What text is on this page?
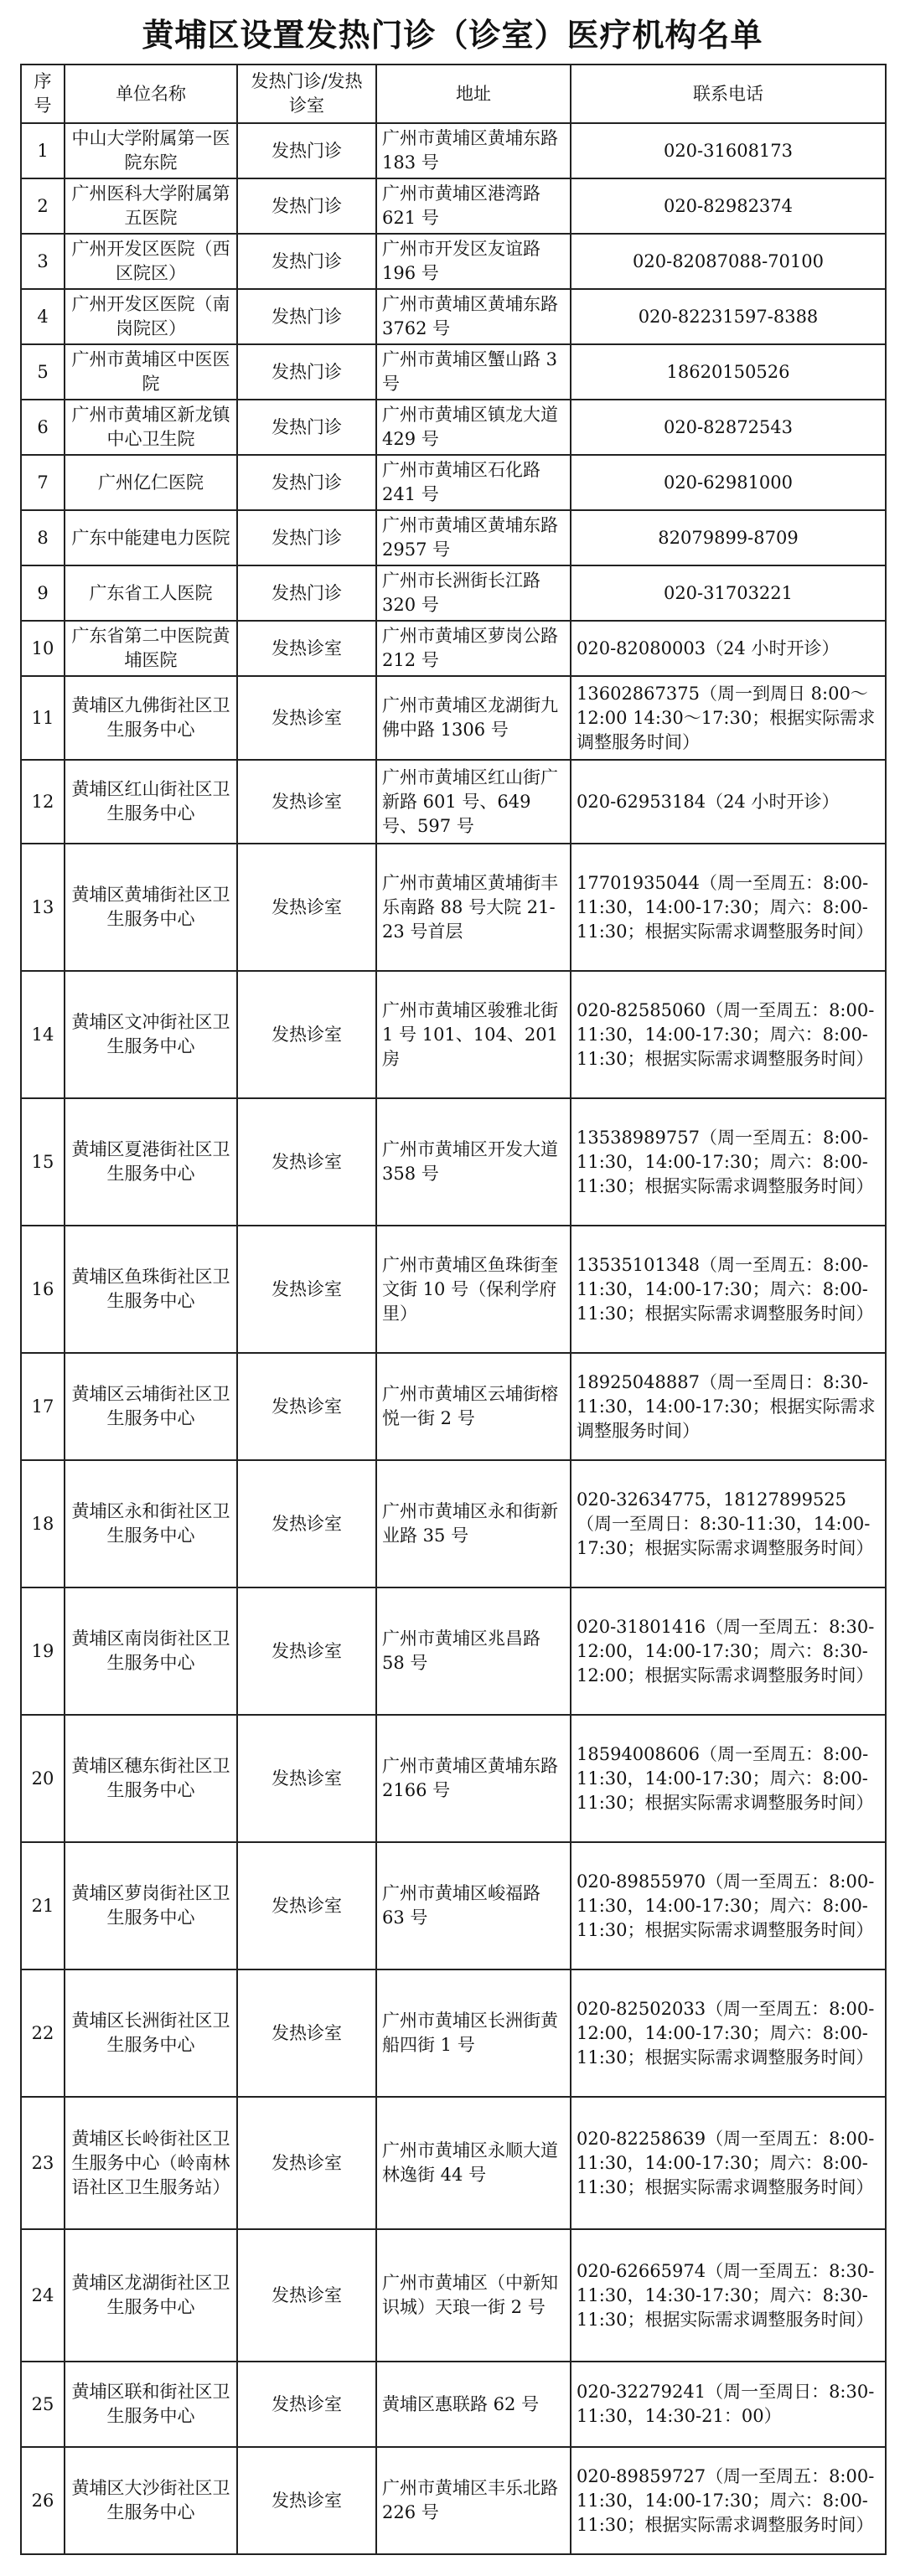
黄埔区设置发热门诊（诊室）医疗机构名单
序号	单位名称	发热门诊/发热诊室	地址	联系电话
1	中山大学附属第一医院东院	发热门诊	广州市黄埔区黄埔东路 183 号	020-31608173
2	广州医科大学附属第五医院	发热门诊	广州市黄埔区港湾路 621 号	020-82982374
3	广州开发区医院（西区院区）	发热门诊	广州市开发区友谊路 196 号	020-82087088-70100
4	广州开发区医院（南岗院区）	发热门诊	广州市黄埔区黄埔东路 3762 号	020-82231597-8388
5	广州市黄埔区中医医院	发热门诊	广州市黄埔区蟹山路 3 号	18620150526
6	广州市黄埔区新龙镇中心卫生院	发热门诊	广州市黄埔区镇龙大道 429 号	020-82872543
7	广州亿仁医院	发热门诊	广州市黄埔区石化路 241 号	020-62981000
8	广东中能建电力医院	发热门诊	广州市黄埔区黄埔东路 2957 号	82079899-8709
9	广东省工人医院	发热门诊	广州市长洲街长江路 320 号	020-31703221
10	广东省第二中医院黄埔医院	发热诊室	广州市黄埔区萝岗公路 212 号	020-82080003（24 小时开诊）
11	黄埔区九佛街社区卫生服务中心	发热诊室	广州市黄埔区龙湖街九佛中路 1306 号	13602867375（周一到周日 8:00～12:00 14:30～17:30；根据实际需求调整服务时间）
12	黄埔区红山街社区卫生服务中心	发热诊室	广州市黄埔区红山街广新路 601 号、649 号、597 号	020-62953184（24 小时开诊）
13	黄埔区黄埔街社区卫生服务中心	发热诊室	广州市黄埔区黄埔街丰乐南路 88 号大院 21-23 号首层	17701935044（周一至周五：8:00-11:30，14:00-17:30；周六：8:00-11:30；根据实际需求调整服务时间）
14	黄埔区文冲街社区卫生服务中心	发热诊室	广州市黄埔区骏雅北街 1 号 101、104、201 房	020-82585060（周一至周五：8:00-11:30，14:00-17:30；周六：8:00-11:30；根据实际需求调整服务时间）
15	黄埔区夏港街社区卫生服务中心	发热诊室	广州市黄埔区开发大道 358 号	13538989757（周一至周五：8:00-11:30，14:00-17:30；周六：8:00-11:30；根据实际需求调整服务时间）
16	黄埔区鱼珠街社区卫生服务中心	发热诊室	广州市黄埔区鱼珠街奎文街 10 号（保利学府里）	13535101348（周一至周五：8:00-11:30，14:00-17:30；周六：8:00-11:30；根据实际需求调整服务时间）
17	黄埔区云埔街社区卫生服务中心	发热诊室	广州市黄埔区云埔街榕悦一街 2 号	18925048887（周一至周日：8:30-11:30，14:00-17:30；根据实际需求调整服务时间）
18	黄埔区永和街社区卫生服务中心	发热诊室	广州市黄埔区永和街新业路 35 号	020-32634775，18127899525（周一至周日：8:30-11:30，14:00-17:30；根据实际需求调整服务时间）
19	黄埔区南岗街社区卫生服务中心	发热诊室	广州市黄埔区兆昌路 58 号	020-31801416（周一至周五：8:30-12:00，14:00-17:30；周六：8:30-12:00；根据实际需求调整服务时间）
20	黄埔区穗东街社区卫生服务中心	发热诊室	广州市黄埔区黄埔东路 2166 号	18594008606（周一至周五：8:00-11:30，14:00-17:30；周六：8:00-11:30；根据实际需求调整服务时间）
21	黄埔区萝岗街社区卫生服务中心	发热诊室	广州市黄埔区峻福路 63 号	020-89855970（周一至周五：8:00-11:30，14:00-17:30；周六：8:00-11:30；根据实际需求调整服务时间）
22	黄埔区长洲街社区卫生服务中心	发热诊室	广州市黄埔区长洲街黄船四街 1 号	020-82502033（周一至周五：8:00-12:00，14:00-17:30；周六：8:00-11:30；根据实际需求调整服务时间）
23	黄埔区长岭街社区卫生服务中心（岭南林语社区卫生服务站）	发热诊室	广州市黄埔区永顺大道林逸街 44 号	020-82258639（周一至周五：8:00-11:30，14:00-17:30；周六：8:00-11:30；根据实际需求调整服务时间）
24	黄埔区龙湖街社区卫生服务中心	发热诊室	广州市黄埔区（中新知识城）天琅一街 2 号	020-62665974（周一至周五：8:30-11:30，14:30-17:30；周六：8:30-11:30；根据实际需求调整服务时间）
25	黄埔区联和街社区卫生服务中心	发热诊室	黄埔区惠联路 62 号	020-32279241（周一至周日：8:30-11:30，14:30-21：00）
26	黄埔区大沙街社区卫生服务中心	发热诊室	广州市黄埔区丰乐北路 226 号	020-89859727（周一至周五：8:00-11:30，14:00-17:30；周六：8:00-11:30；根据实际需求调整服务时间）
